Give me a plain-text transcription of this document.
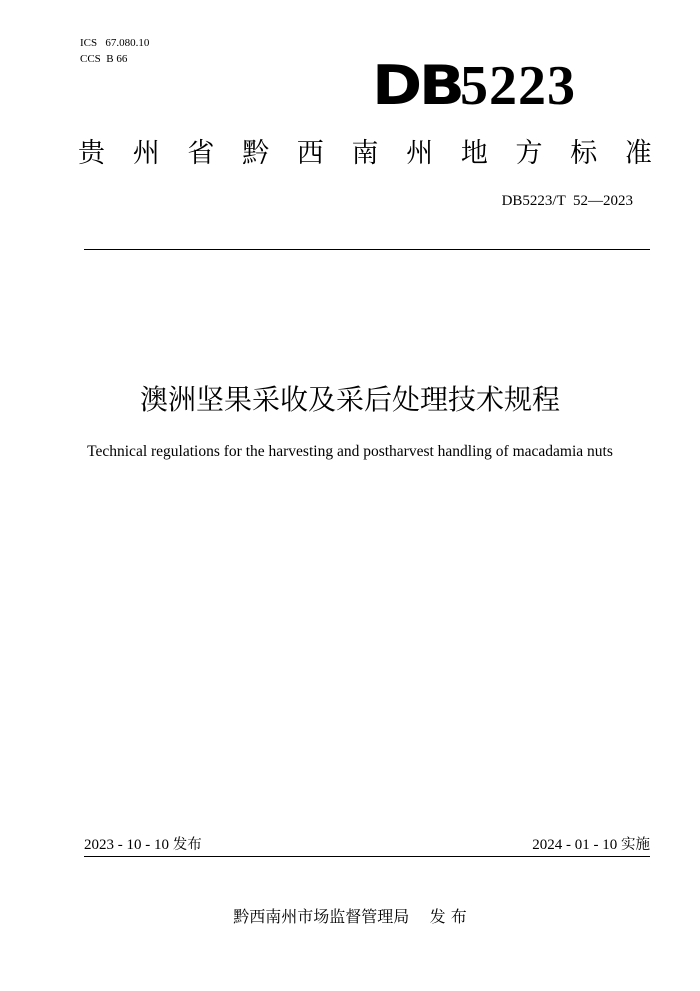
ICS   67.080.10
CCS  B 66	DB
5223
贵 州 省 黔 西 南 州 地 方 标 准
DB5223/T  52—2023
澳洲坚果采收及采后处理技术规程
Technical regulations for the harvesting and postharvest handling of macadamia nuts
2023 - 10 - 10 发布	2024 - 01 - 10 实施
黔西南州市场监督管理局    发 布
